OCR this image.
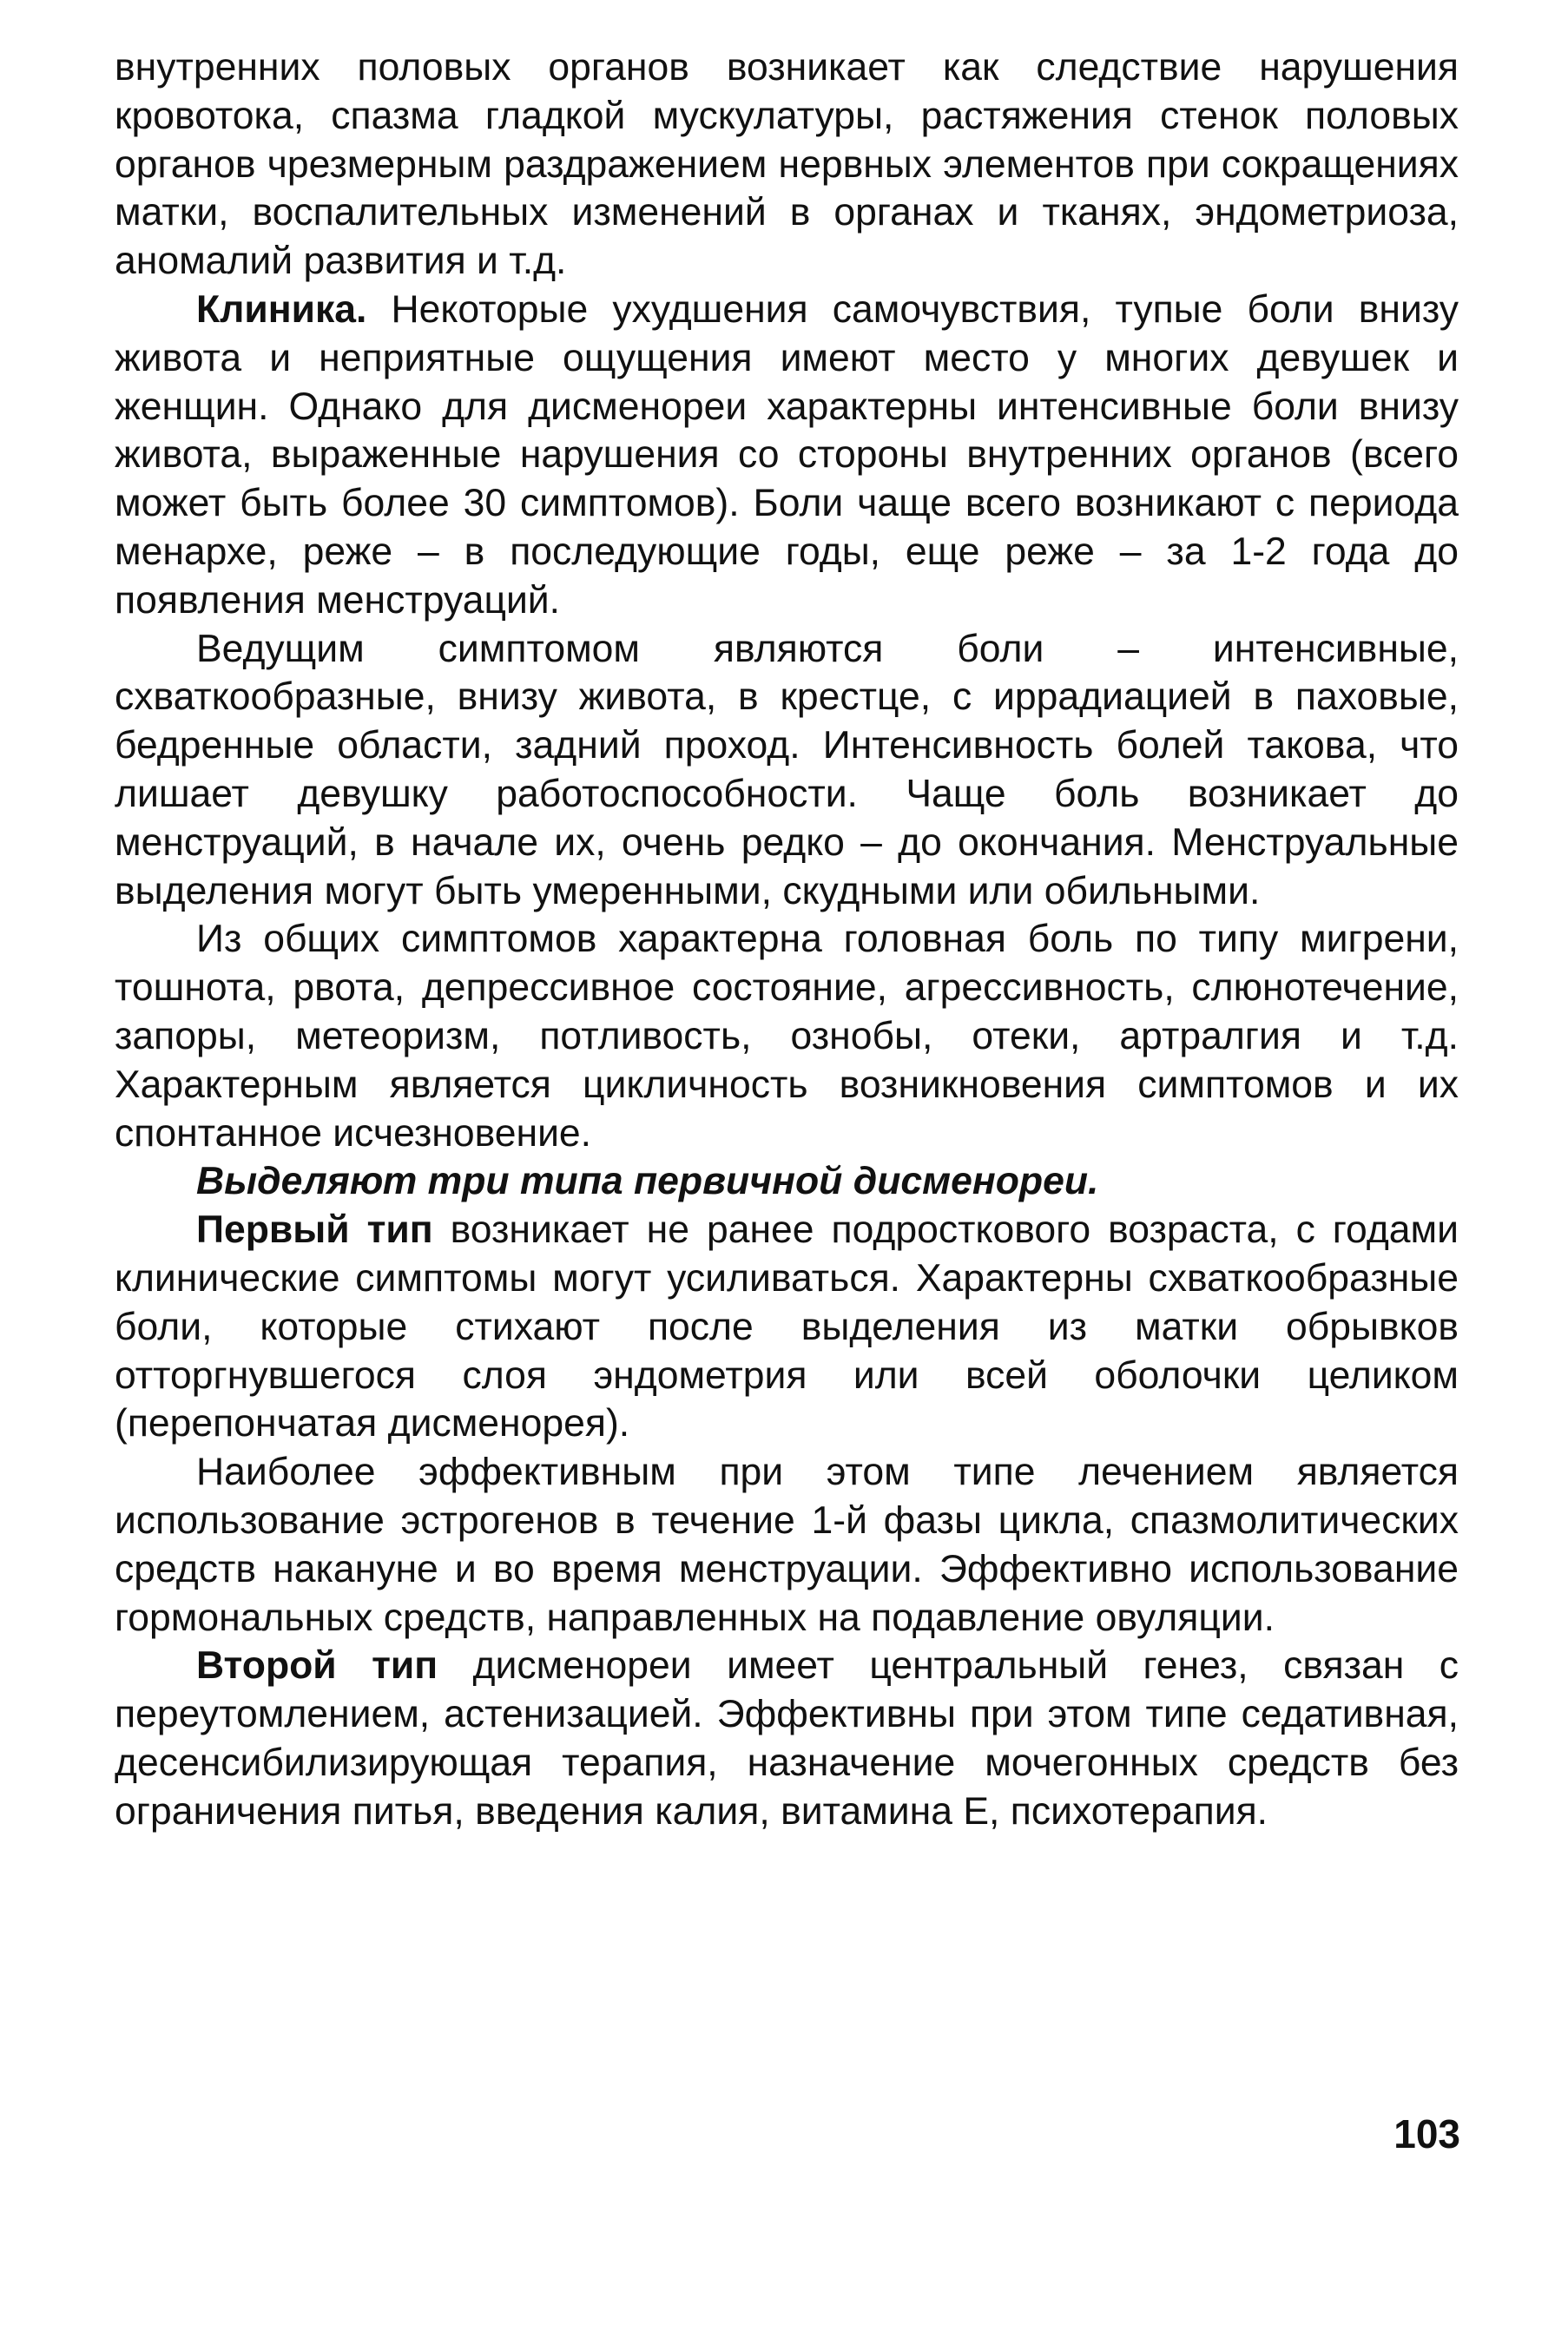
внутренних половых органов возникает как следствие нарушения кровотока, спазма гладкой мускулатуры, растяжения стенок половых органов чрезмерным раздражением нервных элементов при сокращениях матки, воспалительных изменений в органах и тканях, эндометриоза, аномалий развития и т.д.

Клиника. Некоторые ухудшения самочувствия, тупые боли внизу живота и неприятные ощущения имеют место у многих девушек и женщин. Однако для дисменореи характерны интенсивные боли внизу живота, выраженные нарушения со стороны внутренних органов (всего может быть более 30 симптомов). Боли чаще всего возникают с периода менархе, реже – в последующие годы, еще реже – за 1-2 года до появления менструаций.

Ведущим симптомом являются боли – интенсивные, схваткообразные, внизу живота, в крестце, с иррадиацией в паховые, бедренные области, задний проход. Интенсивность болей такова, что лишает девушку работоспособности. Чаще боль возникает до менструаций, в начале их, очень редко – до окончания. Менструальные выделения могут быть умеренными, скудными или обильными.

Из общих симптомов характерна головная боль по типу мигрени, тошнота, рвота, депрессивное состояние, агрессивность, слюнотечение, запоры, метеоризм, потливость, ознобы, отеки, артралгия и т.д. Характерным является цикличность возникновения симптомов и их спонтанное исчезновение.

Выделяют три типа первичной дисменореи.

Первый тип возникает не ранее подросткового возраста, с годами клинические симптомы могут усиливаться. Характерны схваткообразные боли, которые стихают после выделения из матки обрывков отторгнувшегося слоя эндометрия или всей оболочки целиком (перепончатая дисменорея).

Наиболее эффективным при этом типе лечением является использование эстрогенов в течение 1-й фазы цикла, спазмолитических средств накануне и во время менструации. Эффективно использование гормональных средств, направленных на подавление овуляции.

Второй тип дисменореи имеет центральный генез, связан с переутомлением, астенизацией. Эффективны при этом типе седативная, десенсибилизирующая терапия, назначение мочегонных средств без ограничения питья, введения калия, витамина Е, психотерапия.

103
